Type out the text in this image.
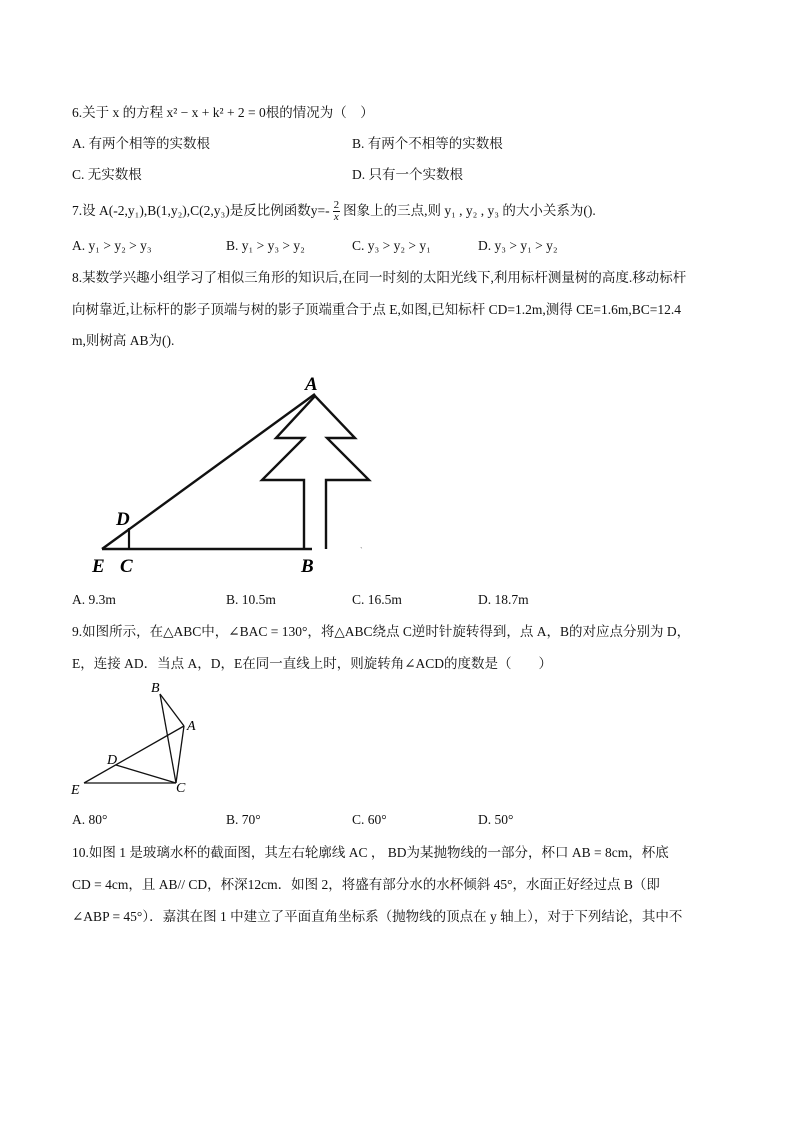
6.关于 x 的方程 x² − x + k² + 2 = 0根的情况为（　）
A. 有两个相等的实数根	B. 有两个不相等的实数根
C. 无实数根	D. 只有一个实数根
7.设 A(-2,y₁),B(1,y₂),C(2,y₃)是反比例函数$y=- \frac{2}{x}$ 图象上的三点,则 y₁ , y₂ , y₃ 的大小关系为().
A. y₁ > y₂ > y₃	B. y₁ > y₃ > y₂	C. y₃ > y₂ > y₁	D. y₃ > y₁ > y₂
8.某数学兴趣小组学习了相似三角形的知识后,在同一时刻的太阳光线下,利用标杆测量树的高度.移动标杆
向树靠近,让标杆的影子顶端与树的影子顶端重合于点 E,如图,已知标杆 CD=1.2m,测得 CE=1.6m,BC=12.4
m,则树高 AB为().
`
A
D
E C	B
A. 9.3m	B. 10.5m	C. 16.5m	D. 18.7m
9.如图所示，在△ABC中，∠BAC = 130°，将△ABC绕点 C逆时针旋转得到，点 A，B的对应点分别为 D，
E，连接 AD．当点 A，D，E在同一直线上时，则旋转角∠ACD的度数是（　　）
B
A
D
E	C
A. 80°	B. 70°	C. 60°	D. 50°
10.如图 1 是玻璃水杯的截面图，其左右轮廓线 AC ， BD为某抛物线的一部分，杯口 AB = 8cm，杯底
CD = 4cm，且 AB// CD，杯深12cm．如图 2，将盛有部分水的水杯倾斜 45°，水面正好经过点 B（即
∠ABP = 45°）．嘉淇在图 1 中建立了平面直角坐标系（抛物线的顶点在 y 轴上），对于下列结论，其中不
